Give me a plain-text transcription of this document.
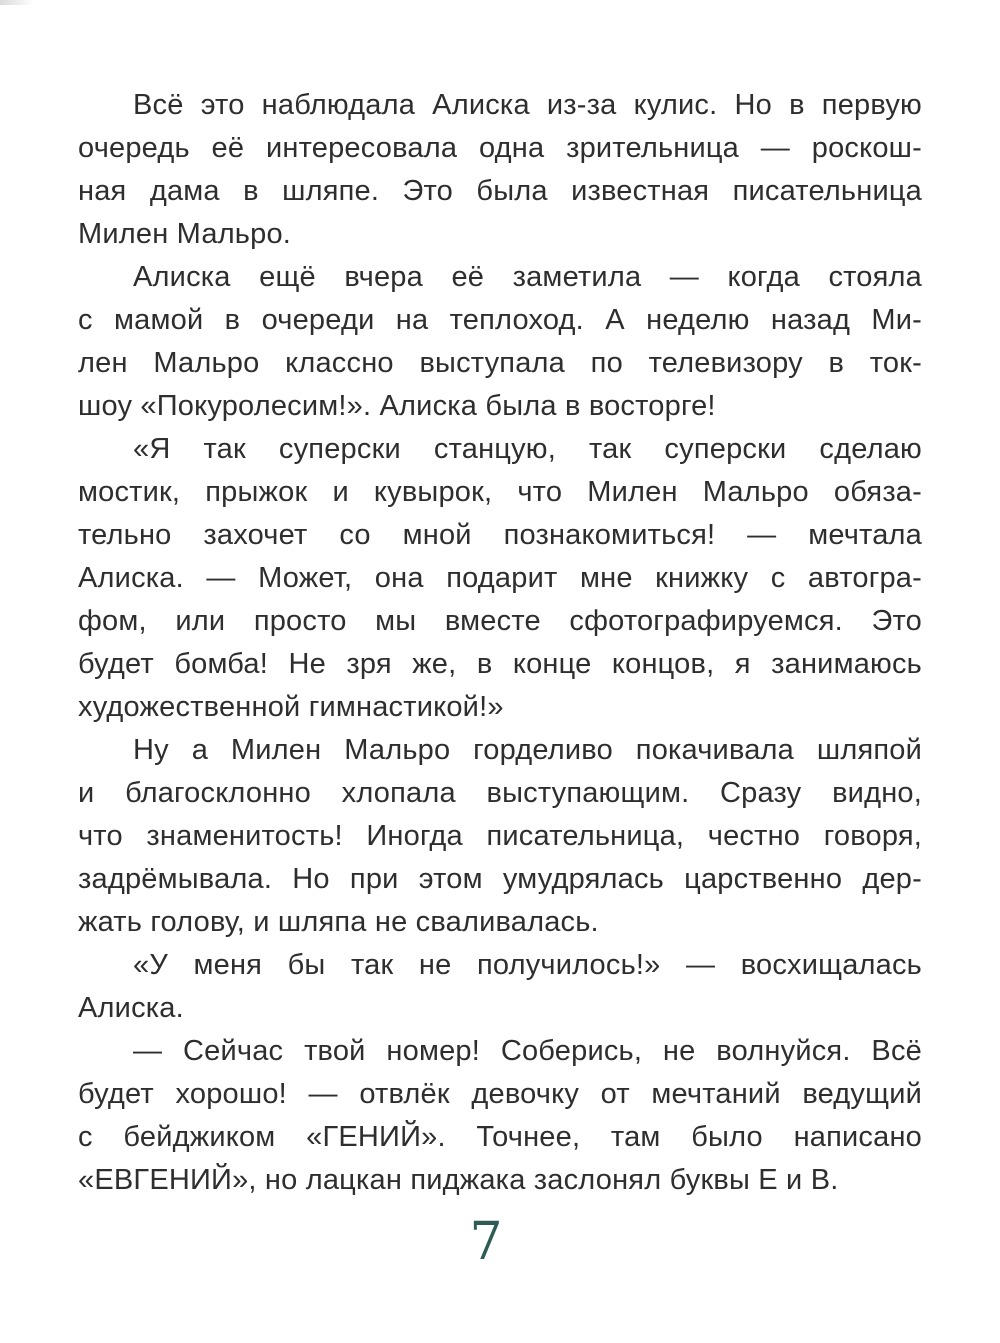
Всё это наблюдала Алиска из-за кулис. Но в первую
очередь её интересовала одна зрительница — роскош-
ная дама в шляпе. Это была известная писательница
Милен Мальро.
Алиска ещё вчера её заметила — когда стояла
с мамой в очереди на теплоход. А неделю назад Ми-
лен Мальро классно выступала по телевизору в ток-
шоу «Покуролесим!». Алиска была в восторге!
«Я так суперски станцую, так суперски сделаю
мостик, прыжок и кувырок, что Милен Мальро обяза-
тельно захочет со мной познакомиться! — мечтала
Алиска. — Может, она подарит мне книжку с автогра-
фом, или просто мы вместе сфотографируемся. Это
будет бомба! Не зря же, в конце концов, я занимаюсь
художественной гимнастикой!»
Ну а Милен Мальро горделиво покачивала шляпой
и благосклонно хлопала выступающим. Сразу видно,
что знаменитость! Иногда писательница, честно говоря,
задрёмывала. Но при этом умудрялась царственно дер-
жать голову, и шляпа не сваливалась.
«У меня бы так не получилось!» — восхищалась
Алиска.
— Сейчас твой номер! Соберись, не волнуйся. Всё
будет хорошо! — отвлёк девочку от мечтаний ведущий
с бейджиком «ГЕНИЙ». Точнее, там было написано
«ЕВГЕНИЙ», но лацкан пиджака заслонял буквы Е и В.
7
